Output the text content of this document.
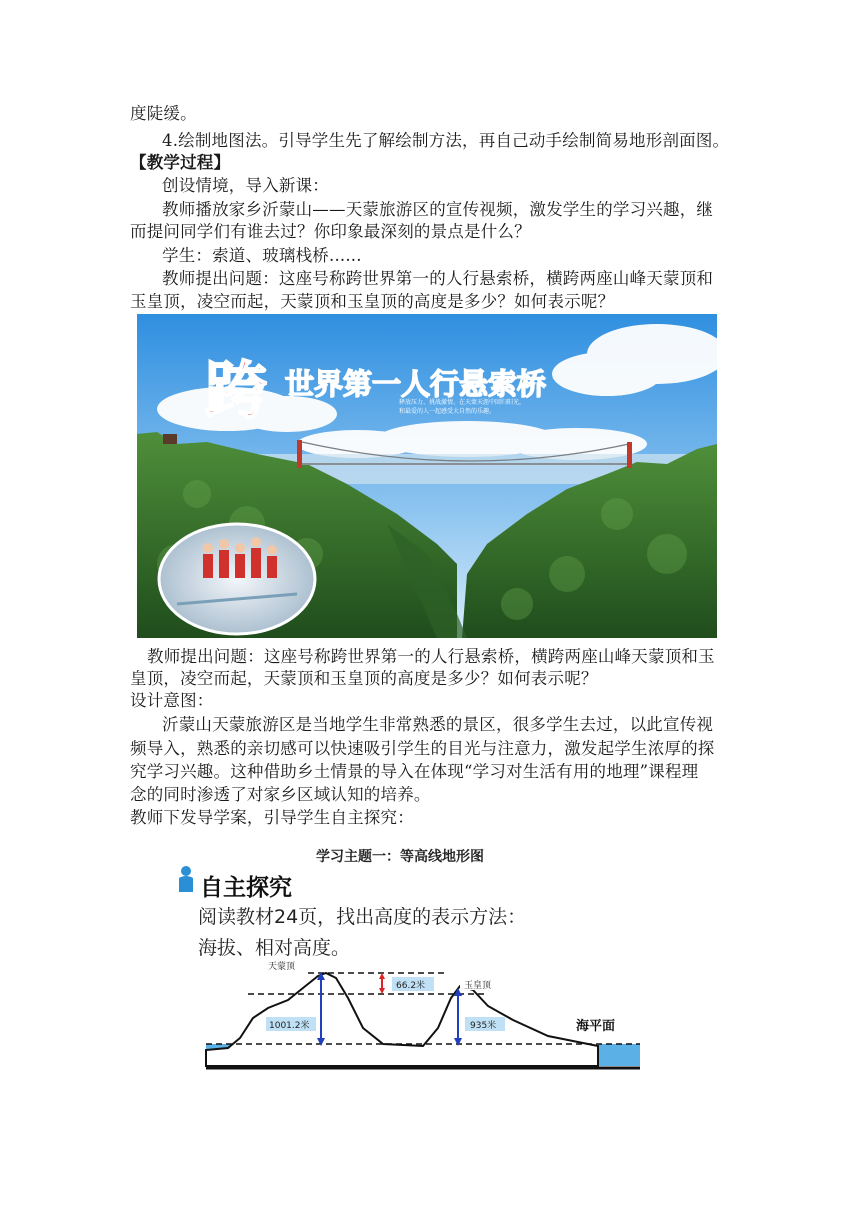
度陡缓。
4.绘制地图法。引导学生先了解绘制方法，再自己动手绘制简易地形剖面图。
【教学过程】
创设情境，导入新课：
教师播放家乡沂蒙山——天蒙旅游区的宣传视频，激发学生的学习兴趣，继
而提问同学们有谁去过？你印象最深刻的景点是什么？
学生：索道、玻璃栈桥......
教师提出问题：这座号称跨世界第一的人行悬索桥，横跨两座山峰天蒙顶和
玉皇顶，凌空而起，天蒙顶和玉皇顶的高度是多少？如何表示呢？
跨 世界第一人行悬索桥
释放压力、挑战激情、在天蒙天涯中回归阳光，
和最爱的人一起感受大自然的乐趣。
教师提出问题：这座号称跨世界第一的人行悬索桥，横跨两座山峰天蒙顶和玉
皇顶，凌空而起，天蒙顶和玉皇顶的高度是多少？如何表示呢？
设计意图：
沂蒙山天蒙旅游区是当地学生非常熟悉的景区，很多学生去过，以此宣传视
频导入，熟悉的亲切感可以快速吸引学生的目光与注意力，激发起学生浓厚的探
究学习兴趣。这种借助乡土情景的导入在体现“学习对生活有用的地理”课程理
念的同时渗透了对家乡区域认知的培养。
教师下发导学案，引导学生自主探究：
学习主题一：等高线地形图
自主探究
阅读教材24页，找出高度的表示方法：
海拔、相对高度。
天蒙顶
玉皇顶
66.2米
1001.2米	935米	海平面
